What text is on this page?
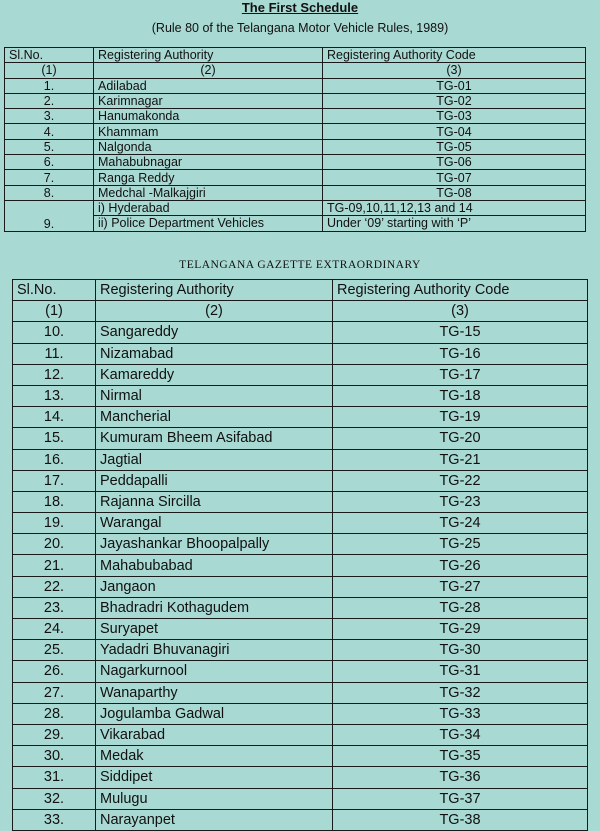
The First Schedule
(Rule 80 of the Telangana Motor Vehicle Rules, 1989)
Sl.No.	Registering Authority	Registering Authority Code
(1)	(2)	(3)
1.	Adilabad	TG-01
2.	Karimnagar	TG-02
3.	Hanumakonda	TG-03
4.	Khammam	TG-04
5.	Nalgonda	TG-05
6.	Mahabubnagar	TG-06
7.	Ranga Reddy	TG-07
8.	Medchal -Malkajgiri	TG-08
9.	i) Hyderabad	TG-09,10,11,12,13 and 14
	ii) Police Department Vehicles	Under ‘09’ starting with ‘P’
TELANGANA GAZETTE EXTRAORDINARY
Sl.No.	Registering Authority	Registering Authority Code
(1)	(2)	(3)
10.	Sangareddy	TG-15
11.	Nizamabad	TG-16
12.	Kamareddy	TG-17
13.	Nirmal	TG-18
14.	Mancherial	TG-19
15.	Kumuram Bheem Asifabad	TG-20
16.	Jagtial	TG-21
17.	Peddapalli	TG-22
18.	Rajanna Sircilla	TG-23
19.	Warangal	TG-24
20.	Jayashankar Bhoopalpally	TG-25
21.	Mahabubabad	TG-26
22.	Jangaon	TG-27
23.	Bhadradri Kothagudem	TG-28
24.	Suryapet	TG-29
25.	Yadadri Bhuvanagiri	TG-30
26.	Nagarkurnool	TG-31
27.	Wanaparthy	TG-32
28.	Jogulamba Gadwal	TG-33
29.	Vikarabad	TG-34
30.	Medak	TG-35
31.	Siddipet	TG-36
32.	Mulugu	TG-37
33.	Narayanpet	TG-38
